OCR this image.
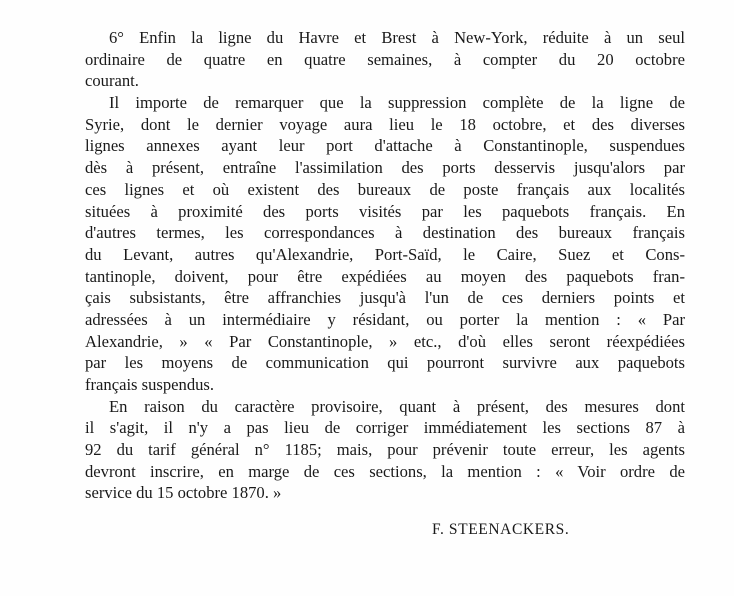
6° Enfin la ligne du Havre et Brest à New-York, réduite à un seul
ordinaire de quatre en quatre semaines, à compter du 20 octobre
courant.
Il importe de remarquer que la suppression complète de la ligne de
Syrie, dont le dernier voyage aura lieu le 18 octobre, et des diverses
lignes annexes ayant leur port d'attache à Constantinople, suspendues
dès à présent, entraîne l'assimilation des ports desservis jusqu'alors par
ces lignes et où existent des bureaux de poste français aux localités
situées à proximité des ports visités par les paquebots français. En
d'autres termes, les correspondances à destination des bureaux français
du Levant, autres qu'Alexandrie, Port-Saïd, le Caire, Suez et Cons-
tantinople, doivent, pour être expédiées au moyen des paquebots fran-
çais subsistants, être affranchies jusqu'à l'un de ces derniers points et
adressées à un intermédiaire y résidant, ou porter la mention : « Par
Alexandrie, » « Par Constantinople, » etc., d'où elles seront réexpédiées
par les moyens de communication qui pourront survivre aux paquebots
français suspendus.
En raison du caractère provisoire, quant à présent, des mesures dont
il s'agit, il n'y a pas lieu de corriger immédiatement les sections 87 à
92 du tarif général n° 1185; mais, pour prévenir toute erreur, les agents
devront inscrire, en marge de ces sections, la mention : « Voir ordre de
service du 15 octobre 1870. »
F. STEENACKERS.
